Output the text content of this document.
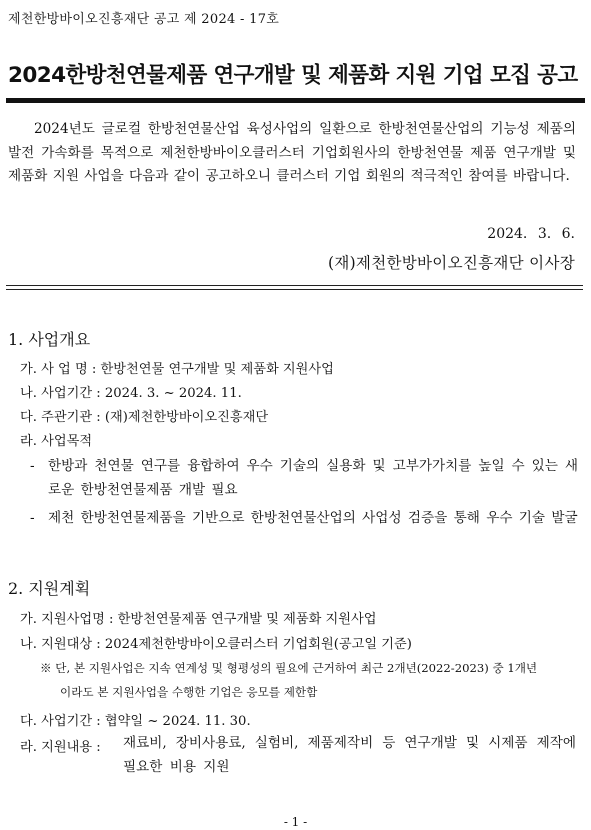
제천한방바이오진흥재단 공고 제 2024 - 17호
2024한방천연물제품 연구개발 및 제품화 지원 기업 모집 공고

2024년도 글로컬 한방천연물산업 육성사업의 일환으로 한방천연물산업의 기능성 제품의 발전 가속화를 목적으로 제천한방바이오클러스터 기업회원사의 한방천연물 제품 연구개발 및 제품화 지원 사업을 다음과 같이 공고하오니 클러스터 기업 회원의 적극적인 참여를 바랍니다.

2024. 3. 6.
(재)제천한방바이오진흥재단 이사장
1. 사업개요
가. 사 업 명 : 한방천연물 연구개발 및 제품화 지원사업
나. 사업기간 : 2024. 3. ~ 2024. 11.
다. 주관기관 : (재)제천한방바이오진흥재단
라. 사업목적
- 한방과 천연물 연구를 융합하여 우수 기술의 실용화 및 고부가가치를 높일 수 있는 새로운 한방천연물제품 개발 필요
- 제천 한방천연물제품을 기반으로 한방천연물산업의 사업성 검증을 통해 우수 기술 발굴
2. 지원계획
가. 지원사업명 : 한방천연물제품 연구개발 및 제품화 지원사업
나. 지원대상 : 2024제천한방바이오클러스터 기업회원(공고일 기준)
※ 단, 본 지원사업은 지속 연계성 및 형평성의 필요에 근거하여 최근 2개년(2022-2023) 중 1개년
이라도 본 지원사업을 수행한 기업은 응모를 제한함
다. 사업기간 : 협약일 ~ 2024. 11. 30.
라. 지원내용 : 재료비, 장비사용료, 실험비, 제품제작비 등 연구개발 및 시제품 제작에 필요한 비용 지원
- 1 -
